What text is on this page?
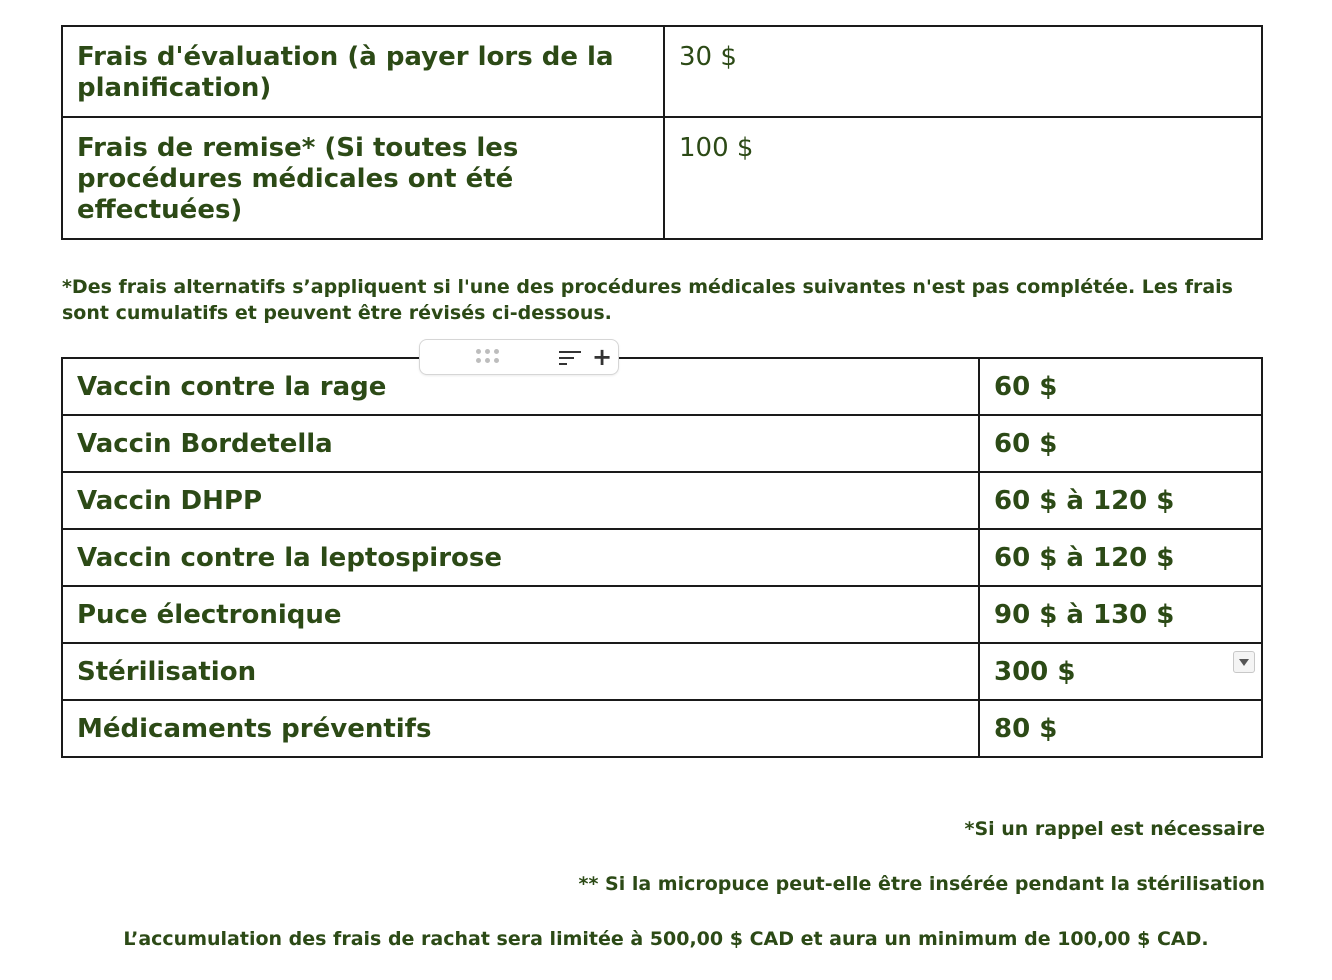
Frais d'évaluation (à payer lors de la planification)	30 $
Frais de remise* (Si toutes les procédures médicales ont été effectuées)	100 $
*Des frais alternatifs s’appliquent si l'une des procédures médicales suivantes n'est pas complétée. Les frais sont cumulatifs et peuvent être révisés ci-dessous.
Vaccin contre la rage	60 $
Vaccin Bordetella	60 $
Vaccin DHPP	60 $ à 120 $
Vaccin contre la leptospirose	60 $ à 120 $
Puce électronique	90 $ à 130 $
Stérilisation	300 $

Médicaments préventifs	80 $
+
*Si un rappel est nécessaire
** Si la micropuce peut-elle être insérée pendant la stérilisation
L’accumulation des frais de rachat sera limitée à 500,00 $ CAD et aura un minimum de 100,00 $ CAD.
